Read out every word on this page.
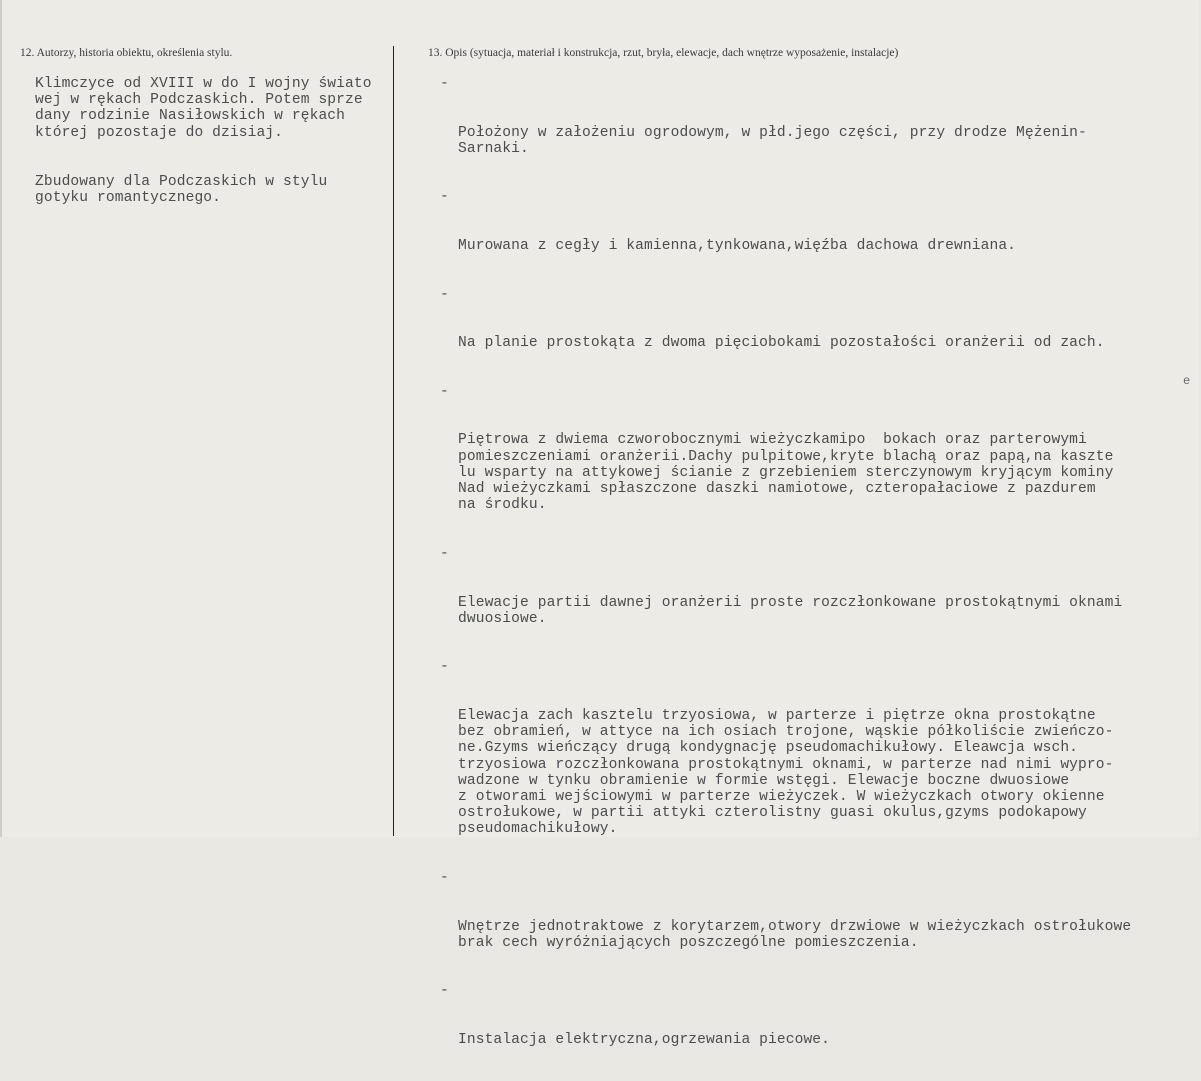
12. Autorzy, historia obiektu, określenia stylu.	13. Opis (sytuacja, materiał i konstrukcja, rzut, bryła, elewacje, dach wnętrze wyposażenie, instalacje)

Klimczyce od XVIII w do I wojny świato
wej w rękach Podczaskich. Potem sprze
dany rodzinie Nasiłowskich w rękach
której pozostaje do dzisiaj.

Zbudowany dla Podczaskich w stylu
gotyku romantycznego.

-

Położony w założeniu ogrodowym, w płd.jego części, przy drodze Mężenin-
Sarnaki.

-

Murowana z cegły i kamienna,tynkowana,więźba dachowa drewniana.

-

Na planie prostokąta z dwoma pięciobokami pozostałości oranżerii od zach.

-

Piętrowa z dwiema czworobocznymi wieżyczkamipo  bokach oraz parterowymi
pomieszczeniami oranżerii.Dachy pulpitowe,kryte blachą oraz papą,na kaszte
lu wsparty na attykowej ścianie z grzebieniem sterczynowym kryjącym kominy
Nad wieżyczkami spłaszczone daszki namiotowe, czteropałaciowe z pazdurem
na środku.

-

Elewacje partii dawnej oranżerii proste rozczłonkowane prostokątnymi oknami
dwuosiowe.

-

Elewacja zach kasztelu trzyosiowa, w parterze i piętrze okna prostokątne
bez obramień, w attyce na ich osiach trojone, wąskie półkoliście zwieńczo-
ne.Gzyms wieńczący drugą kondygnację pseudomachikułowy. Eleawcja wsch.
trzyosiowa rozczłonkowana prostokątnymi oknami, w parterze nad nimi wypro-
wadzone w tynku obramienie w formie wstęgi. Elewacje boczne dwuosiowe
z otworami wejściowymi w parterze wieżyczek. W wieżyczkach otwory okienne
ostrołukowe, w partii attyki czterolistny guasi okulus,gzyms podokapowy
pseudomachikułowy.

-

Wnętrze jednotraktowe z korytarzem,otwory drzwiowe w wieżyczkach ostrołukowe
brak cech wyróżniających poszczególne pomieszczenia.

-

Instalacja elektryczna,ogrzewania piecowe.

e
